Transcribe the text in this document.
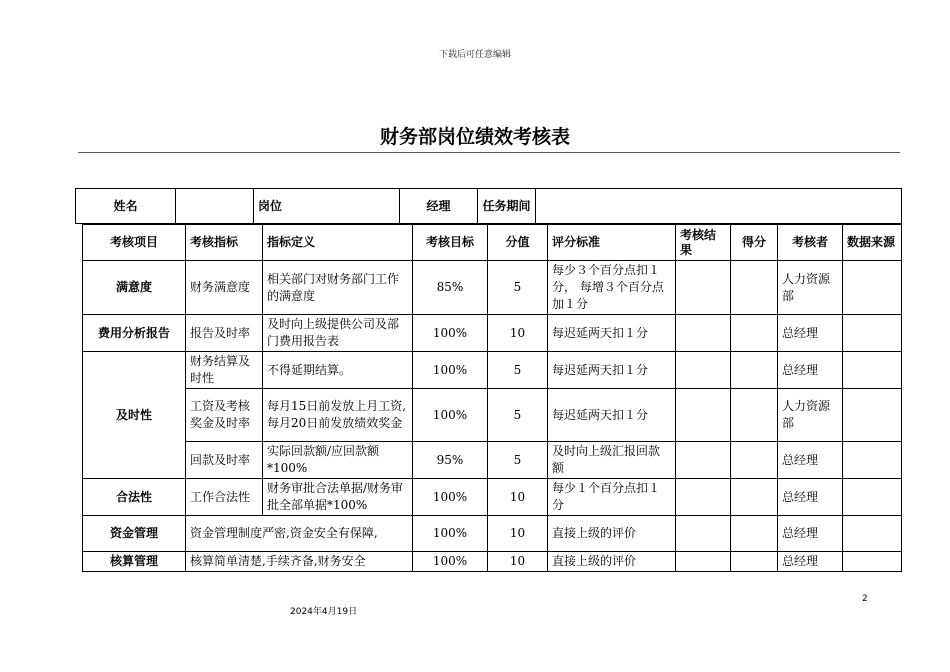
下载后可任意编辑
财务部岗位绩效考核表
姓名		岗位	经理	任务期间	
考核项目	考核指标	指标定义	考核目标	分值	评分标准	考核结果	得分	考核者	数据来源
满意度	财务满意度	相关部门对财务部门工作的满意度	85%	5	每少３个百分点扣１分， 每增３个百分点加１分			人力资源部	
费用分析报告	报告及时率	及时向上级提供公司及部门费用报告表	100%	10	每迟延两天扣１分			总经理	
及时性	财务结算及时性	不得延期结算。	100%	5	每迟延两天扣１分			总经理	
	工资及考核奖金及时率	每月15日前发放上月工资,每月20日前发放绩效奖金	100%	5	每迟延两天扣１分			人力资源部	
	回款及时率	实际回款额/应回款额*100%	95%	5	及时向上级汇报回款额			总经理	
合法性	工作合法性	财务审批合法单据/财务审批全部单据*100%	100%	10	每少１个百分点扣１分			总经理	
资金管理	资金管理制度严密,资金安全有保障,		100%	10	直接上级的评价			总经理	
核算管理	核算简单清楚,手续齐备,财务安全		100%	10	直接上级的评价			总经理	
2
2024年4月19日
